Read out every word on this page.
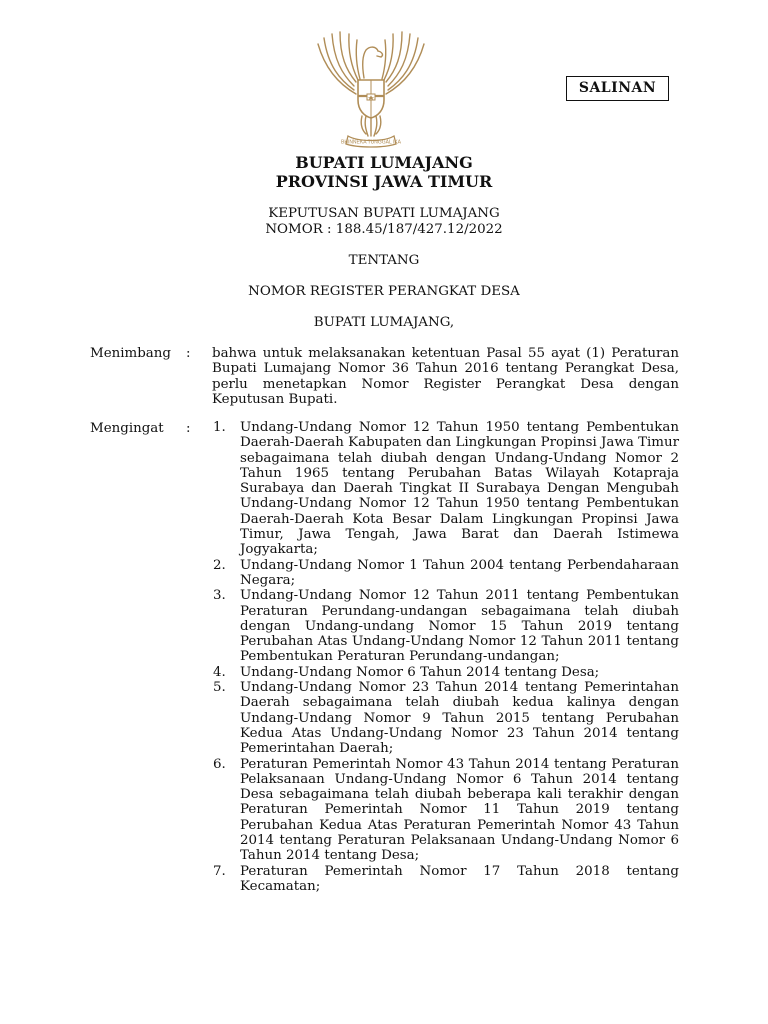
BHINNEKA TUNGGAL IKA
SALINAN
BUPATI LUMAJANG
PROVINSI JAWA TIMUR
KEPUTUSAN BUPATI LUMAJANG
NOMOR : 188.45/187/427.12/2022
TENTANG
NOMOR REGISTER PERANGKAT DESA
BUPATI LUMAJANG,
Menimbang : bahwa untuk melaksanakan ketentuan Pasal 55 ayat (1) Peraturan Bupati Lumajang Nomor 36 Tahun 2016 tentang Perangkat Desa, perlu menetapkan Nomor Register Perangkat Desa dengan Keputusan Bupati.

Mengingat : 1. Undang-Undang Nomor 12 Tahun 1950 tentang Pembentukan Daerah-Daerah Kabupaten dan Lingkungan Propinsi Jawa Timur sebagaimana telah diubah dengan Undang-Undang Nomor 2 Tahun 1965 tentang Perubahan Batas Wilayah Kotapraja Surabaya dan Daerah Tingkat II Surabaya Dengan Mengubah Undang-Undang Nomor 12 Tahun 1950 tentang Pembentukan Daerah-Daerah Kota Besar Dalam Lingkungan Propinsi Jawa Timur, Jawa Tengah, Jawa Barat dan Daerah Istimewa Jogyakarta;
2. Undang-Undang Nomor 1 Tahun 2004 tentang Perbendaharaan Negara;
3. Undang-Undang Nomor 12 Tahun 2011 tentang Pembentukan Peraturan Perundang-undangan sebagaimana telah diubah dengan Undang-undang Nomor 15 Tahun 2019 tentang Perubahan Atas Undang-Undang Nomor 12 Tahun 2011 tentang Pembentukan Peraturan Perundang-undangan;
4. Undang-Undang Nomor 6 Tahun 2014 tentang Desa;
5. Undang-Undang Nomor 23 Tahun 2014 tentang Pemerintahan Daerah sebagaimana telah diubah kedua kalinya dengan Undang-Undang Nomor 9 Tahun 2015 tentang Perubahan Kedua Atas Undang-Undang Nomor 23 Tahun 2014 tentang Pemerintahan Daerah;
6. Peraturan Pemerintah Nomor 43 Tahun 2014 tentang Peraturan Pelaksanaan Undang-Undang Nomor 6 Tahun 2014 tentang Desa sebagaimana telah diubah beberapa kali terakhir dengan Peraturan Pemerintah Nomor 11 Tahun 2019 tentang Perubahan Kedua Atas Peraturan Pemerintah Nomor 43 Tahun 2014 tentang Peraturan Pelaksanaan Undang-Undang Nomor 6 Tahun 2014 tentang Desa;
7. Peraturan Pemerintah Nomor 17 Tahun 2018 tentang Kecamatan;
